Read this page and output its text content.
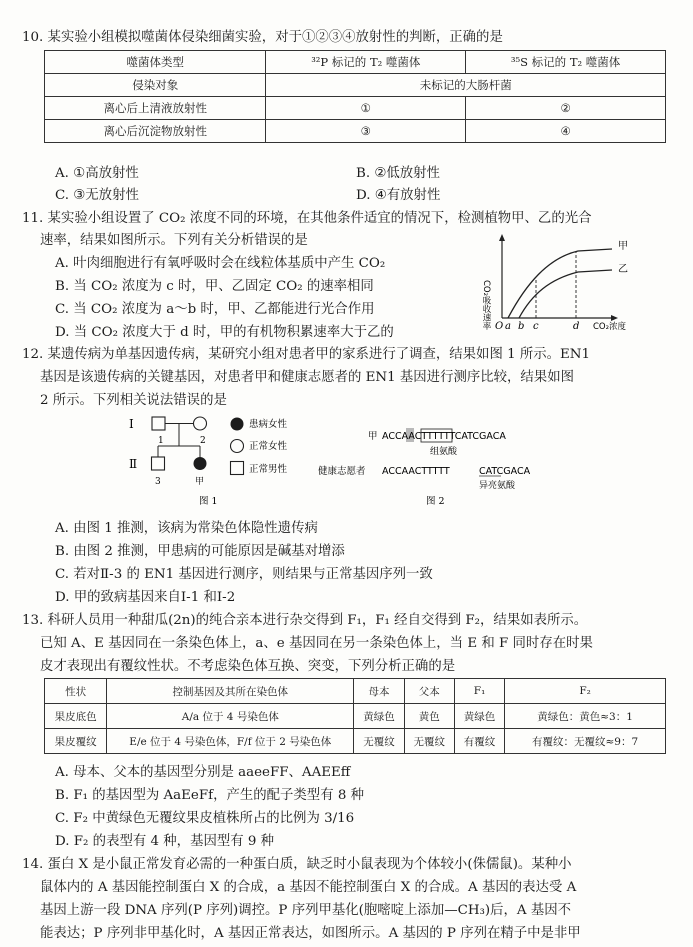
10. 某实验小组模拟噬菌体侵染细菌实验，对于①②③④放射性的判断，正确的是
噬菌体类型	³²P 标记的 T₂ 噬菌体	³⁵S 标记的 T₂ 噬菌体
侵染对象	未标记的大肠杆菌	
离心后上清液放射性	①	②
离心后沉淀物放射性	③	④
A. ①高放射性	B. ②低放射性
C. ③无放射性	D. ④有放射性
11. 某实验小组设置了 CO₂ 浓度不同的环境，在其他条件适宜的情况下，检测植物甲、乙的光合
速率，结果如图所示。下列有关分析错误的是
A. 叶肉细胞进行有氧呼吸时会在线粒体基质中产生 CO₂
B. 当 CO₂ 浓度为 c 时，甲、乙固定 CO₂ 的速率相同
C. 当 CO₂ 浓度为 a～b 时，甲、乙都能进行光合作用
D. 当 CO₂ 浓度大于 d 时，甲的有机物积累速率大于乙的
CO₂吸收速率
甲
乙
O a b c	d CO₂浓度
12. 某遗传病为单基因遗传病，某研究小组对患者甲的家系进行了调查，结果如图 1 所示。EN1
基因是该遗传病的关键基因，对患者甲和健康志愿者的 EN1 基因进行测序比较，结果如图
2 所示。下列相关说法错误的是
Ⅰ
Ⅱ
1	2
3	甲
患病女性
正常女性
正常男性
图 1
甲 ACCAACTTTTTTCATCGACA
组氨酸
健康志愿者 ACCAACTTTTT	CATCGACA
异亮氨酸
图 2
A. 由图 1 推测，该病为常染色体隐性遗传病
B. 由图 2 推测，甲患病的可能原因是碱基对增添
C. 若对Ⅱ-3 的 EN1 基因进行测序，则结果与正常基因序列一致
D. 甲的致病基因来自Ⅰ-1 和Ⅰ-2
13. 科研人员用一种甜瓜(2n)的纯合亲本进行杂交得到 F₁，F₁ 经自交得到 F₂，结果如表所示。
已知 A、E 基因同在一条染色体上，a、e 基因同在另一条染色体上，当 E 和 F 同时存在时果
皮才表现出有覆纹性状。不考虑染色体互换、突变，下列分析正确的是
性状	控制基因及其所在染色体	母本	父本	F₁	F₂
果皮底色	A/a 位于 4 号染色体	黄绿色	黄色	黄绿色	黄绿色：黄色≈3：1
果皮覆纹	E/e 位于 4 号染色体，F/f 位于 2 号染色体	无覆纹	无覆纹	有覆纹	有覆纹：无覆纹≈9：7
A. 母本、父本的基因型分别是 aaeeFF、AAEEff
B. F₁ 的基因型为 AaEeFf，产生的配子类型有 8 种
C. F₂ 中黄绿色无覆纹果皮植株所占的比例为 3/16
D. F₂ 的表型有 4 种，基因型有 9 种
14. 蛋白 X 是小鼠正常发育必需的一种蛋白质，缺乏时小鼠表现为个体较小(侏儒鼠)。某种小
鼠体内的 A 基因能控制蛋白 X 的合成，a 基因不能控制蛋白 X 的合成。A 基因的表达受 A
基因上游一段 DNA 序列(P 序列)调控。P 序列甲基化(胞嘧啶上添加—CH₃)后，A 基因不
能表达；P 序列非甲基化时，A 基因正常表达，如图所示。A 基因的 P 序列在精子中是非甲
